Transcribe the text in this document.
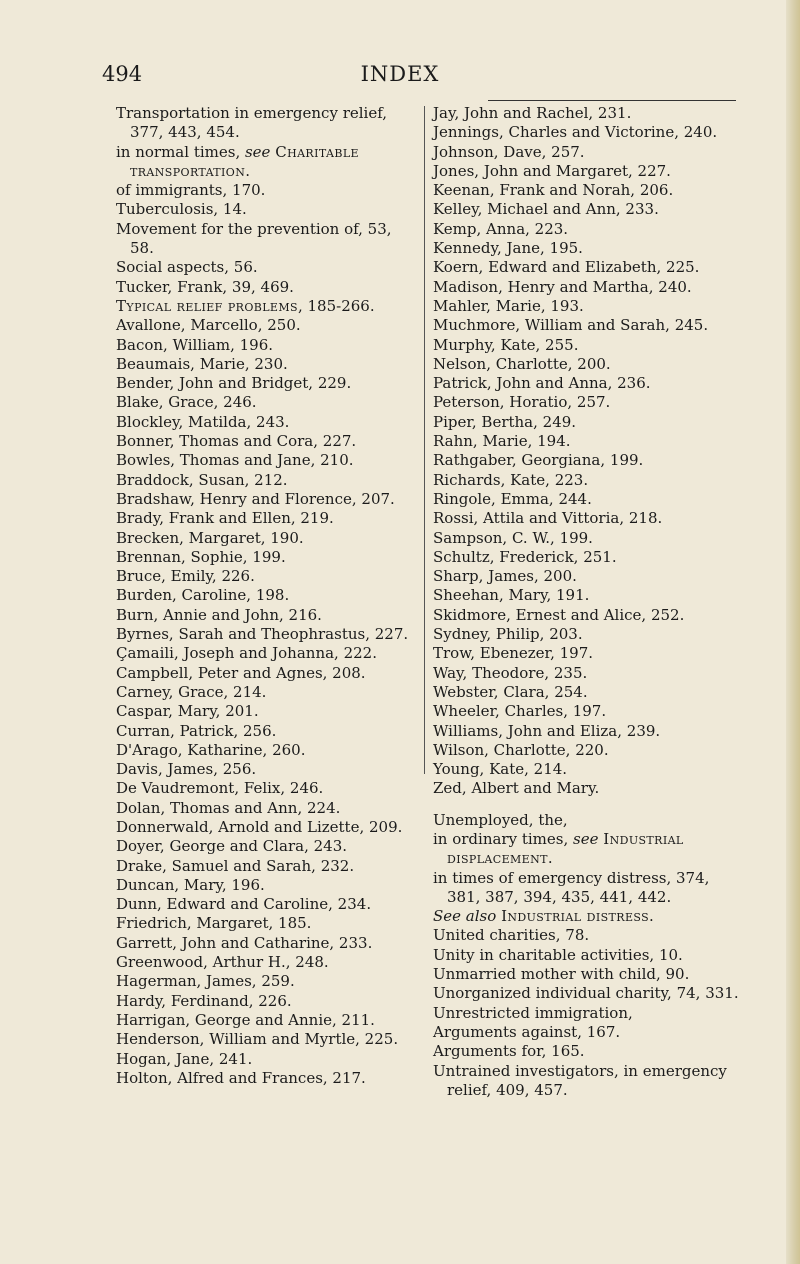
494	INDEX
Transportation in emergency relief, 377, 443, 454.
in normal times, see Charitable transportation.
of immigrants, 170.
Tuberculosis, 14.
Movement for the prevention of, 53, 58.
Social aspects, 56.
Tucker, Frank, 39, 469.
Typical relief problems, 185-266.
Avallone, Marcello, 250.
Bacon, William, 196.
Beaumais, Marie, 230.
Bender, John and Bridget, 229.
Blake, Grace, 246.
Blockley, Matilda, 243.
Bonner, Thomas and Cora, 227.
Bowles, Thomas and Jane, 210.
Braddock, Susan, 212.
Bradshaw, Henry and Florence, 207.
Brady, Frank and Ellen, 219.
Brecken, Margaret, 190.
Brennan, Sophie, 199.
Bruce, Emily, 226.
Burden, Caroline, 198.
Burn, Annie and John, 216.
Byrnes, Sarah and Theophrastus, 227.
Çamaili, Joseph and Johanna, 222.
Campbell, Peter and Agnes, 208.
Carney, Grace, 214.
Caspar, Mary, 201.
Curran, Patrick, 256.
D'Arago, Katharine, 260.
Davis, James, 256.
De Vaudremont, Felix, 246.
Dolan, Thomas and Ann, 224.
Donnerwald, Arnold and Lizette, 209.
Doyer, George and Clara, 243.
Drake, Samuel and Sarah, 232.
Duncan, Mary, 196.
Dunn, Edward and Caroline, 234.
Friedrich, Margaret, 185.
Garrett, John and Catharine, 233.
Greenwood, Arthur H., 248.
Hagerman, James, 259.
Hardy, Ferdinand, 226.
Harrigan, George and Annie, 211.
Henderson, William and Myrtle, 225.
Hogan, Jane, 241.
Holton, Alfred and Frances, 217.
Jay, John and Rachel, 231.
Jennings, Charles and Victorine, 240.
Johnson, Dave, 257.
Jones, John and Margaret, 227.
Keenan, Frank and Norah, 206.
Kelley, Michael and Ann, 233.
Kemp, Anna, 223.
Kennedy, Jane, 195.
Koern, Edward and Elizabeth, 225.
Madison, Henry and Martha, 240.
Mahler, Marie, 193.
Muchmore, William and Sarah, 245.
Murphy, Kate, 255.
Nelson, Charlotte, 200.
Patrick, John and Anna, 236.
Peterson, Horatio, 257.
Piper, Bertha, 249.
Rahn, Marie, 194.
Rathgaber, Georgiana, 199.
Richards, Kate, 223.
Ringole, Emma, 244.
Rossi, Attila and Vittoria, 218.
Sampson, C. W., 199.
Schultz, Frederick, 251.
Sharp, James, 200.
Sheehan, Mary, 191.
Skidmore, Ernest and Alice, 252.
Sydney, Philip, 203.
Trow, Ebenezer, 197.
Way, Theodore, 235.
Webster, Clara, 254.
Wheeler, Charles, 197.
Williams, John and Eliza, 239.
Wilson, Charlotte, 220.
Young, Kate, 214.
Zed, Albert and Mary.
Unemployed, the,
in ordinary times, see Industrial displacement.
in times of emergency distress, 374, 381, 387, 394, 435, 441, 442.
See also Industrial distress.
United charities, 78.
Unity in charitable activities, 10.
Unmarried mother with child, 90.
Unorganized individual charity, 74, 331.
Unrestricted immigration,
Arguments against, 167.
Arguments for, 165.
Untrained investigators, in emergency relief, 409, 457.
